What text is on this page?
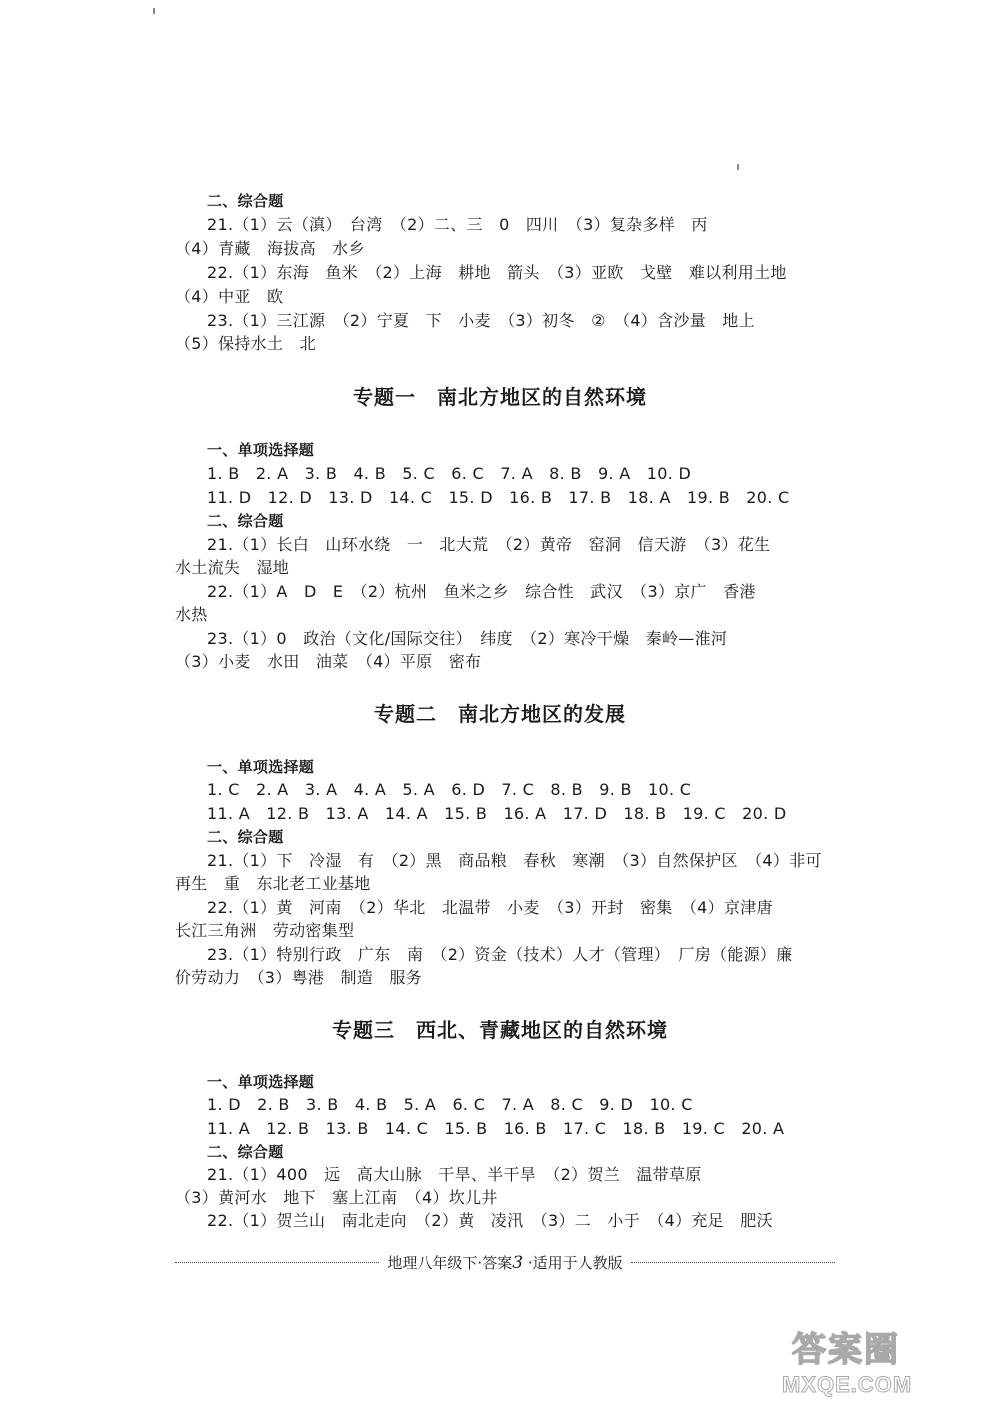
二、综合题
21.（1）云（滇）　台湾　（2）二、三　0　四川　（3）复杂多样　丙
（4）青藏　海拔高　水乡
22.（1）东海　鱼米　（2）上海　耕地　箭头　（3）亚欧　戈壁　难以利用土地
（4）中亚　欧
23.（1）三江源　（2）宁夏　下　小麦　（3）初冬　②　（4）含沙量　地上
（5）保持水土　北
专题一　南北方地区的自然环境
一、单项选择题
1. B　2. A　3. B　4. B　5. C　6. C　7. A　8. B　9. A　10. D
11. D　12. D　13. D　14. C　15. D　16. B　17. B　18. A　19. B　20. C
二、综合题
21.（1）长白　山环水绕　一　北大荒　（2）黄帝　窑洞　信天游　（3）花生
水土流失　湿地
22.（1）A　D　E　（2）杭州　鱼米之乡　综合性　武汉　（3）京广　香港
水热
23.（1）0　政治（文化/国际交往）　纬度　（2）寒冷干燥　秦岭—淮河
（3）小麦　水田　油菜　（4）平原　密布
专题二　南北方地区的发展
一、单项选择题
1. C　2. A　3. A　4. A　5. A　6. D　7. C　8. B　9. B　10. C
11. A　12. B　13. A　14. A　15. B　16. A　17. D　18. B　19. C　20. D
二、综合题
21.（1）下　冷湿　有　（2）黑　商品粮　春秋　寒潮　（3）自然保护区　（4）非可
再生　重　东北老工业基地
22.（1）黄　河南　（2）华北　北温带　小麦　（3）开封　密集　（4）京津唐
长江三角洲　劳动密集型
23.（1）特别行政　广东　南　（2）资金（技术）人才（管理）　厂房（能源）廉
价劳动力　（3）粤港　制造　服务
专题三　西北、青藏地区的自然环境
一、单项选择题
1. D　2. B　3. B　4. B　5. A　6. C　7. A　8. C　9. D　10. C
11. A　12. B　13. B　14. C　15. B　16. B　17. C　18. B　19. C　20. A
二、综合题
21.（1）400　远　高大山脉　干旱、半干旱　（2）贺兰　温带草原
（3）黄河水　地下　塞上江南　（4）坎儿井
22.（1）贺兰山　南北走向　（2）黄　凌汛　（3）二　小于　（4）充足　肥沃
地理八年级下·答案3 ·适用于人教版
答案圈
MXQE.COM
